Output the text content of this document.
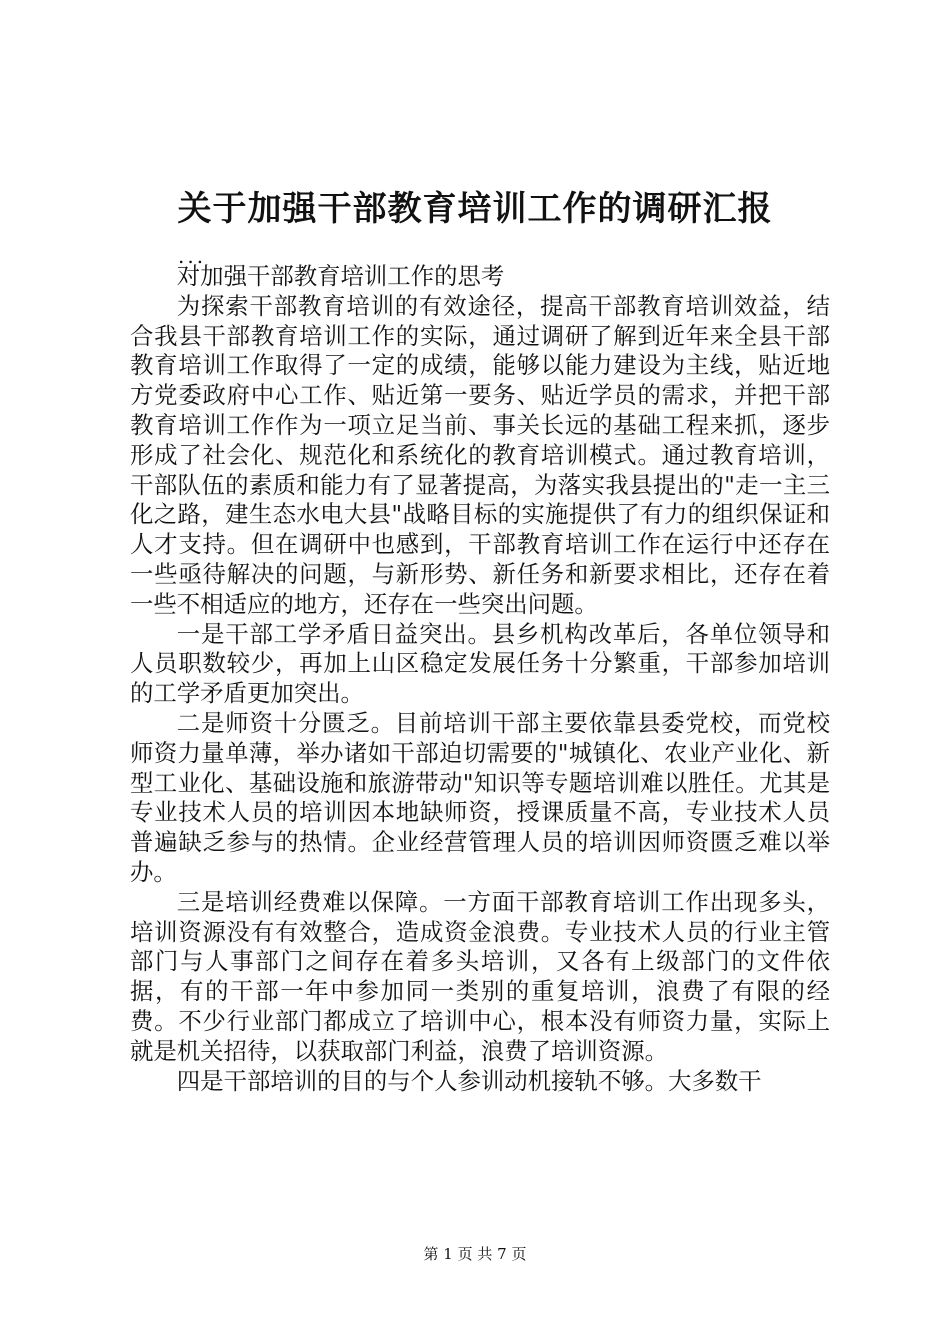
关于加强干部教育培训工作的调研汇报
...

对加强干部教育培训工作的思考

为探索干部教育培训的有效途径，提高干部教育培训效益，结合我县干部教育培训工作的实际，通过调研了解到近年来全县干部教育培训工作取得了一定的成绩，能够以能力建设为主线，贴近地方党委政府中心工作、贴近第一要务、贴近学员的需求，并把干部教育培训工作作为一项立足当前、事关长远的基础工程来抓，逐步形成了社会化、规范化和系统化的教育培训模式。通过教育培训，干部队伍的素质和能力有了显著提高，为落实我县提出的"走一主三化之路，建生态水电大县"战略目标的实施提供了有力的组织保证和人才支持。但在调研中也感到，干部教育培训工作在运行中还存在一些亟待解决的问题，与新形势、新任务和新要求相比，还存在着一些不相适应的地方，还存在一些突出问题。

一是干部工学矛盾日益突出。县乡机构改革后，各单位领导和人员职数较少，再加上山区稳定发展任务十分繁重，干部参加培训的工学矛盾更加突出。

二是师资十分匮乏。目前培训干部主要依靠县委党校，而党校师资力量单薄，举办诸如干部迫切需要的"城镇化、农业产业化、新型工业化、基础设施和旅游带动"知识等专题培训难以胜任。尤其是专业技术人员的培训因本地缺师资，授课质量不高，专业技术人员普遍缺乏参与的热情。企业经营管理人员的培训因师资匮乏难以举办。

三是培训经费难以保障。一方面干部教育培训工作出现多头，培训资源没有有效整合，造成资金浪费。专业技术人员的行业主管部门与人事部门之间存在着多头培训，又各有上级部门的文件依据，有的干部一年中参加同一类别的重复培训，浪费了有限的经费。不少行业部门都成立了培训中心，根本没有师资力量，实际上就是机关招待，以获取部门利益，浪费了培训资源。

四是干部培训的目的与个人参训动机接轨不够。大多数干

第 1 页 共 7 页
